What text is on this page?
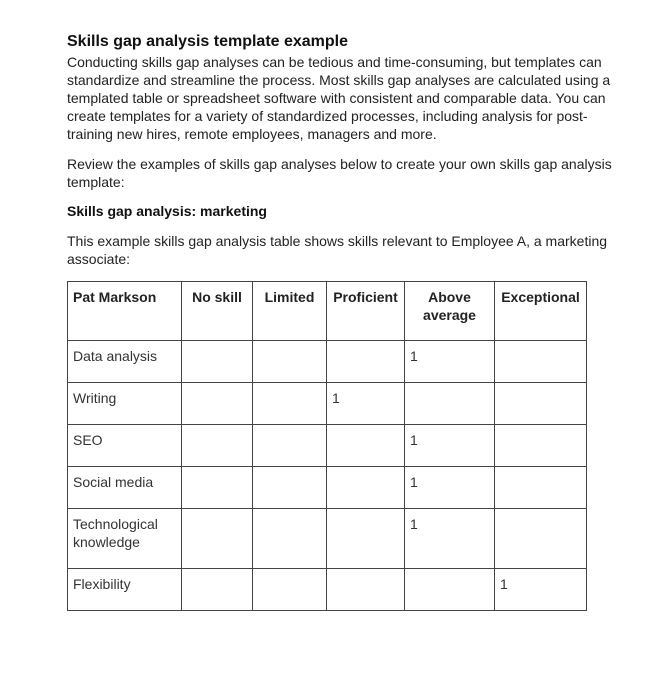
Skills gap analysis template example

Conducting skills gap analyses can be tedious and time-consuming, but templates can standardize and streamline the process. Most skills gap analyses are calculated using a templated table or spreadsheet software with consistent and comparable data. You can create templates for a variety of standardized processes, including analysis for post-training new hires, remote employees, managers and more.

Review the examples of skills gap analyses below to create your own skills gap analysis template:

Skills gap analysis: marketing

This example skills gap analysis table shows skills relevant to Employee A, a marketing associate:

Pat Markson	No skill	Limited	Proficient	Above average	Exceptional
Data analysis				1	
Writing			1		
SEO				1	
Social media				1	
Technological knowledge				1	
Flexibility					1
